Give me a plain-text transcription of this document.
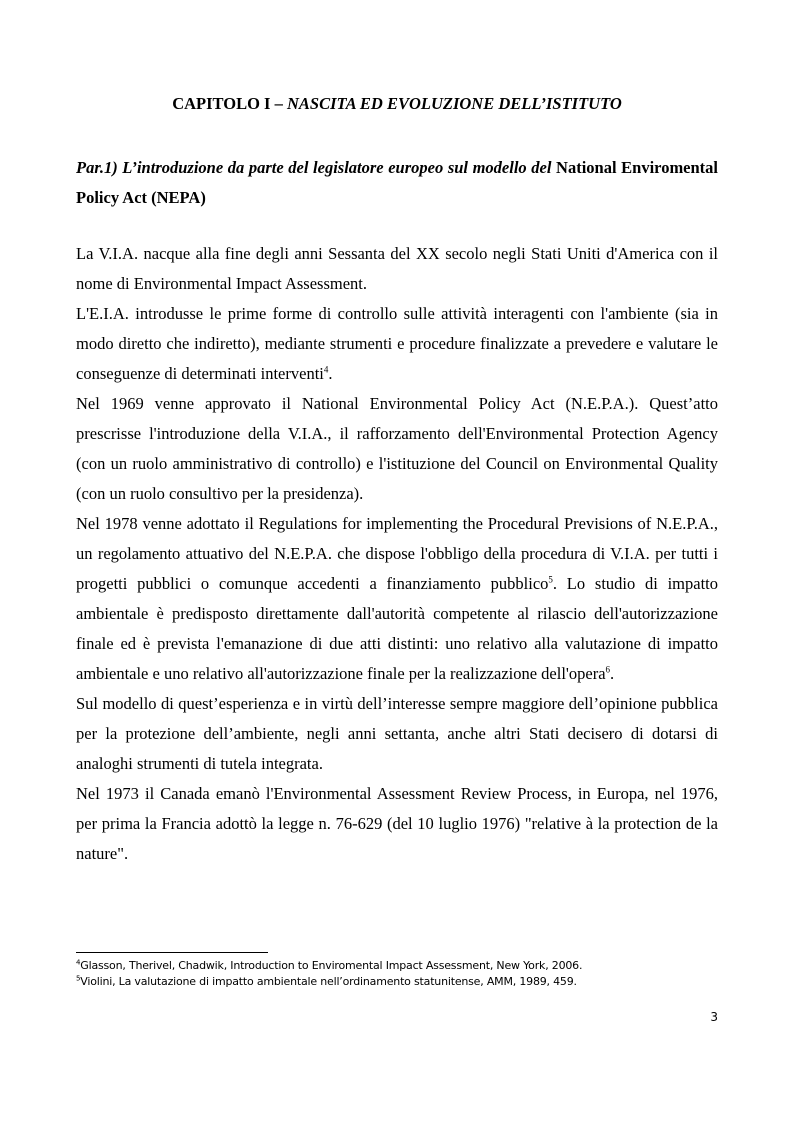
CAPITOLO I – NASCITA ED EVOLUZIONE DELL’ISTITUTO
Par.1) L’introduzione da parte del legislatore europeo sul modello del National Enviromental Policy Act (NEPA)

La V.I.A. nacque alla fine degli anni Sessanta del XX secolo negli Stati Uniti d'America con il nome di Environmental Impact Assessment.

L'E.I.A. introdusse le prime forme di controllo sulle attività interagenti con l'ambiente (sia in modo diretto che indiretto), mediante strumenti e procedure finalizzate a prevedere e valutare le conseguenze di determinati interventi$^4$.

Nel 1969 venne approvato il National Environmental Policy Act (N.E.P.A.). Quest’atto prescrisse l'introduzione della V.I.A., il rafforzamento dell'Environmental Protection Agency (con un ruolo amministrativo di controllo) e l'istituzione del Council on Environmental Quality (con un ruolo consultivo per la presidenza).

Nel 1978 venne adottato il Regulations for implementing the Procedural Previsions of N.E.P.A., un regolamento attuativo del N.E.P.A. che dispose l'obbligo della procedura di V.I.A. per tutti i progetti pubblici o comunque accedenti a finanziamento pubblico$^5$. Lo studio di impatto ambientale è predisposto direttamente dall'autorità competente al rilascio dell'autorizzazione finale ed è prevista l'emanazione di due atti distinti: uno relativo alla valutazione di impatto ambientale e uno relativo all'autorizzazione finale per la realizzazione dell'opera$^6$.

Sul modello di quest’esperienza e in virtù dell’interesse sempre maggiore dell’opinione pubblica per la protezione dell’ambiente, negli anni settanta, anche altri Stati decisero di dotarsi di analoghi strumenti di tutela integrata.

Nel 1973 il Canada emanò l'Environmental Assessment Review Process, in Europa, nel 1976, per prima la Francia adottò la legge n. 76-629 (del 10 luglio 1976) "relative à la protection de la nature".

$^4$Glasson, Therivel, Chadwik, Introduction to Enviromental Impact Assessment, New York, 2006.
$^5$Violini, La valutazione di impatto ambientale nell’ordinamento statunitense, AMM, 1989, 459.
3
